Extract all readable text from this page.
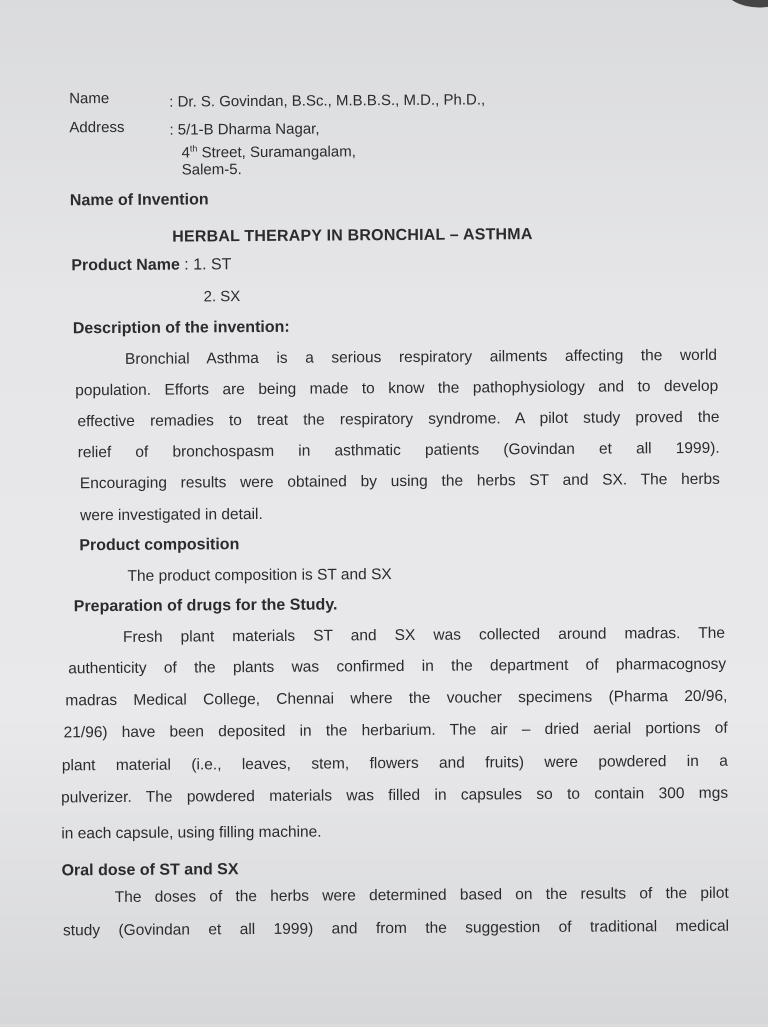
Name	: Dr. S. Govindan, B.Sc., M.B.B.S., M.D., Ph.D.,
Address	: 5/1-B Dharma Nagar,
4th Street, Suramangalam,
Salem-5.
Name of Invention
HERBAL THERAPY IN BRONCHIAL – ASTHMA
Product Name : 1. ST
2. SX
Description of the invention:
Bronchial Asthma is a serious respiratory ailments affecting the world
population. Efforts are being made to know the pathophysiology and to develop
effective remadies to treat the respiratory syndrome. A pilot study proved the
relief of bronchospasm in asthmatic patients (Govindan et all 1999).
Encouraging results were obtained by using the herbs ST and SX. The herbs
were investigated in detail.
Product composition
The product composition is ST and SX
Preparation of drugs for the Study.
Fresh plant materials ST and SX was collected around madras. The
authenticity of the plants was confirmed in the department of pharmacognosy
madras Medical College, Chennai where the voucher specimens (Pharma 20/96,
21/96) have been deposited in the herbarium. The air – dried aerial portions of
plant material (i.e., leaves, stem, flowers and fruits) were powdered in a
pulverizer. The powdered materials was filled in capsules so to contain 300 mgs
in each capsule, using filling machine.
Oral dose of ST and SX
The doses of the herbs were determined based on the results of the pilot
study (Govindan et all 1999) and from the suggestion of traditional medical
